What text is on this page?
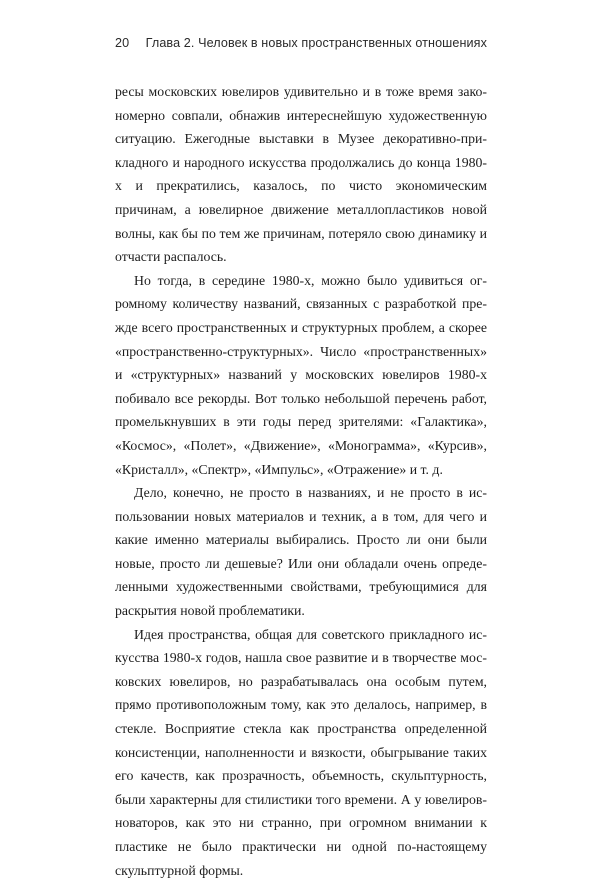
20 Глава 2. Человек в новых пространственных отношениях

ресы московских ювелиров удивительно и в тоже время закономерно совпали, обнажив интереснейшую художественную ситуацию. Ежегодные выставки в Музее декоративно-прикладного и народного искусства продолжались до конца 1980-х и прекратились, казалось, по чисто экономическим причинам, а ювелирное движение металлопластиков новой волны, как бы по тем же причинам, потеряло свою динамику и отчасти распалось.

Но тогда, в середине 1980-х, можно было удивиться огромному количеству названий, связанных с разработкой прежде всего пространственных и структурных проблем, а скорее «пространственно-структурных». Число «пространственных» и «структурных» названий у московских ювелиров 1980-х побивало все рекорды. Вот только небольшой перечень работ, промелькнувших в эти годы перед зрителями: «Галактика», «Космос», «Полет», «Движение», «Монограмма», «Курсив», «Кристалл», «Спектр», «Импульс», «Отражение» и т. д.

Дело, конечно, не просто в названиях, и не просто в использовании новых материалов и техник, а в том, для чего и какие именно материалы выбирались. Просто ли они были новые, просто ли дешевые? Или они обладали очень определенными художественными свойствами, требующимися для раскрытия новой проблематики.

Идея пространства, общая для советского прикладного искусства 1980-х годов, нашла свое развитие и в творчестве московских ювелиров, но разрабатывалась она особым путем, прямо противоположным тому, как это делалось, например, в стекле. Восприятие стекла как пространства определенной консистенции, наполненности и вязкости, обыгрывание таких его качеств, как прозрачность, объемность, скульптурность, были характерны для стилистики того времени. А у ювелировноваторов, как это ни странно, при огромном внимании к пластике не было практически ни одной по-настоящему скульптурной формы.
